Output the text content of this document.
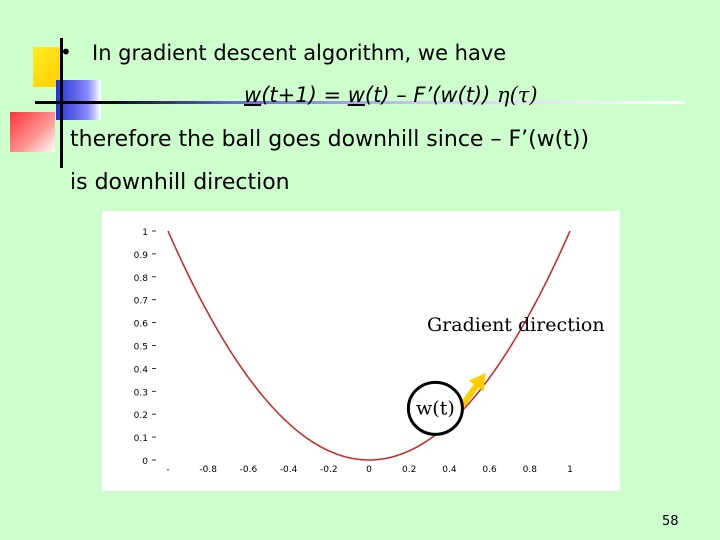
• In gradient descent algorithm, we have
w(t+1) = w(t) – F’(w(t)) η(τ)
therefore the ball goes downhill since – F’(w(t))
is downhill direction
0
0.1
0.2
0.3
0.4
0.5
0.6
0.7
0.8
0.9
1
-	-0.8	-0.6	-0.4	-0.2	0	0.2	0.4	0.6	0.8	1
w(t)
Gradient direction
58
